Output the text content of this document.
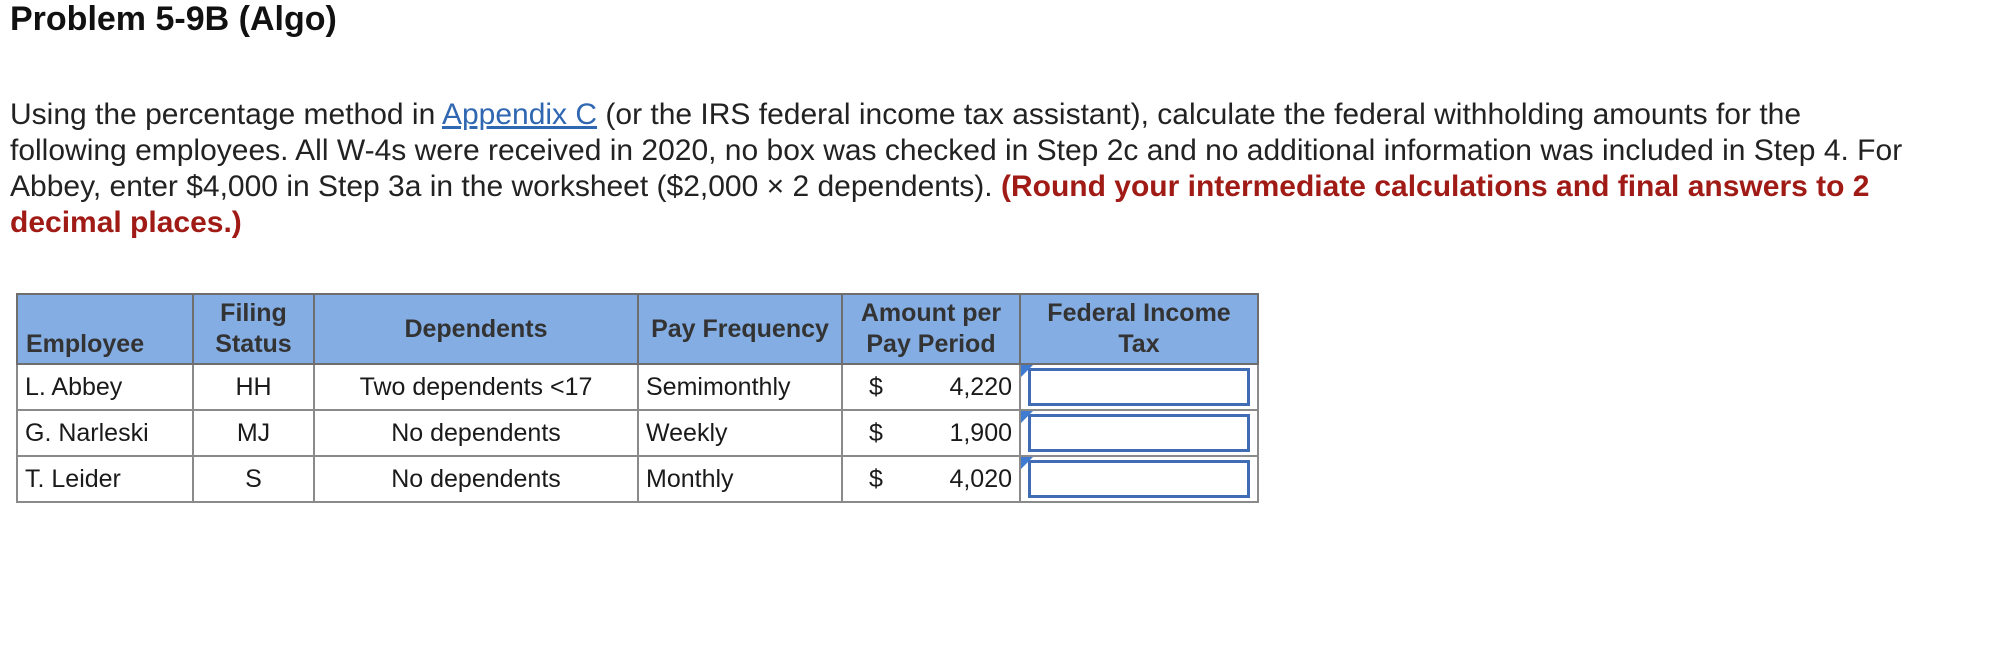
Problem 5-9B (Algo)
Using the percentage method in Appendix C (or the IRS federal income tax assistant), calculate the federal withholding amounts for the following employees. All W-4s were received in 2020, no box was checked in Step 2c and no additional information was included in Step 4. For Abbey, enter $4,000 in Step 3a in the worksheet ($2,000 × 2 dependents). (Round your intermediate calculations and final answers to 2 decimal places.)
Employee	Filing Status	Dependents	Pay Frequency	Amount per Pay Period	Federal Income Tax
L. Abbey	HH	Two dependents <17	Semimonthly	$ 4,220

G. Narleski	MJ	No dependents	Weekly	$ 1,900

T. Leider	S	No dependents	Monthly	$ 4,020
